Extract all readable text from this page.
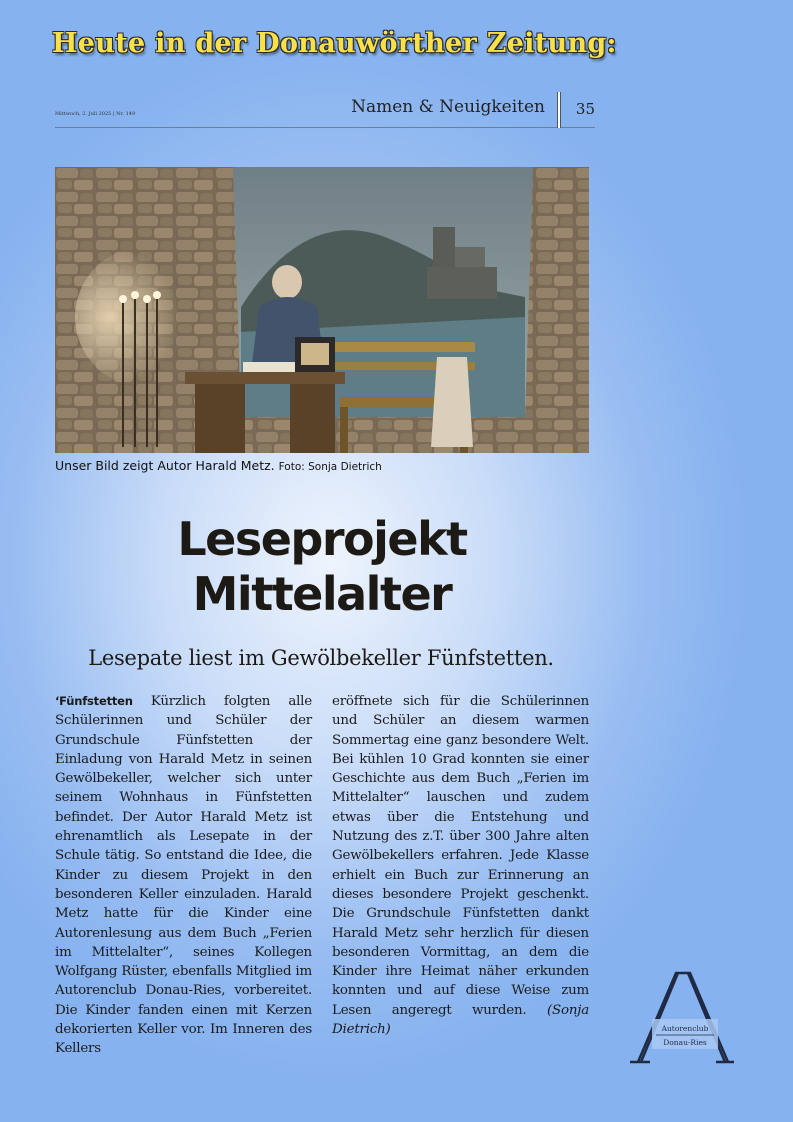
Heute in der Donauwörther Zeitung:
Mittwoch, 2. Juli 2025 | Nr. 149	Namen & Neuigkeiten 35
Unser Bild zeigt Autor Harald Metz. Foto: Sonja Dietrich
Leseprojekt
Mittelalter
Lesepate liest im Gewölbekeller Fünfstetten.
‘Fünfstetten Kürzlich folgten alle Schülerinnen und Schüler der Grundschule Fünfstetten der Einladung von Harald Metz in seinen Gewölbekeller, welcher sich unter seinem Wohnhaus in Fünfstetten befindet. Der Autor Harald Metz ist ehrenamtlich als Lesepate in der Schule tätig. So entstand die Idee, die Kinder zu diesem Projekt in den besonderen Keller einzuladen. Harald Metz hatte für die Kinder eine Autorenlesung aus dem Buch „Ferien im Mittelalter“, seines Kollegen Wolfgang Rüster, ebenfalls Mitglied im Autorenclub Donau-Ries, vorbereitet. Die Kinder fanden einen mit Kerzen dekorierten Keller vor. Im Inneren des Kellers
eröffnete sich für die Schülerinnen und Schüler an diesem warmen Sommertag eine ganz besondere Welt. Bei kühlen 10 Grad konnten sie einer Geschichte aus dem Buch „Ferien im Mittelalter“ lauschen und zudem etwas über die Entstehung und Nutzung des z.T. über 300 Jahre alten Gewölbekellers erfahren. Jede Klasse erhielt ein Buch zur Erinnerung an dieses besondere Projekt geschenkt. Die Grundschule Fünfstetten dankt Harald Metz sehr herzlich für diesen besonderen Vormittag, an dem die Kinder ihre Heimat näher erkunden konnten und auf diese Weise zum Lesen angeregt wurden. (Sonja Dietrich)	Autorenclub
Donau-Ries
